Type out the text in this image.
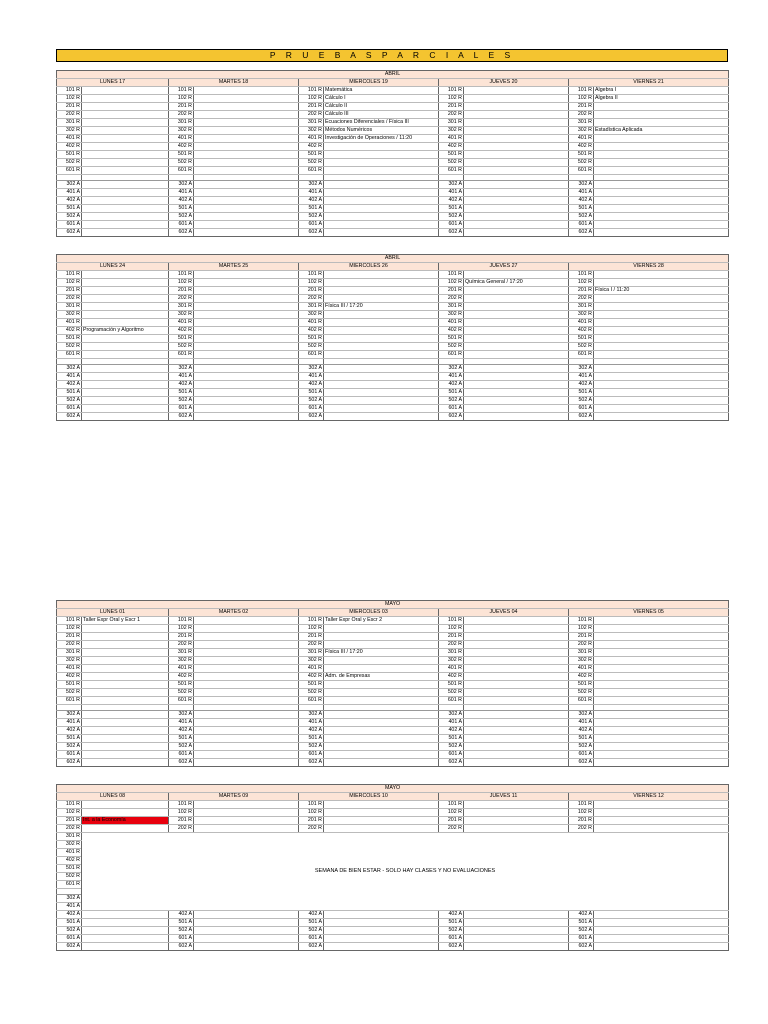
P R U E B A S P A R C I A L E S
ABRIL									
LUNES 17		MARTES 18		MIÉRCOLES 19		JUEVES 20		VIERNES 21	
101 R		101 R		101 R	Matemática	101 R		101 R	Álgebra I
102 R		102 R		102 R	Cálculo I	102 R		102 R	Álgebra II
201 R		201 R		201 R	Cálculo II	201 R		201 R	
202 R		202 R		202 R	Cálculo III	202 R		202 R	
301 R		301 R		301 R	Ecuaciones Diferenciales / Física III	301 R		301 R	
302 R		302 R		302 R	Métodos Numéricos	302 R		302 R	Estadística Aplicada
401 R		401 R		401 R	Investigación de Operaciones / 11:20	401 R		401 R	
402 R		402 R		402 R		402 R		402 R	
501 R		501 R		501 R		501 R		501 R	
502 R		502 R		502 R		502 R		502 R	
601 R		601 R		601 R		601 R		601 R	

302 A		302 A		302 A		302 A		302 A	
401 A		401 A		401 A		401 A		401 A	
402 A		402 A		402 A		402 A		402 A	
501 A		501 A		501 A		501 A		501 A	
502 A		502 A		502 A		502 A		502 A	
601 A		601 A		601 A		601 A		601 A	
602 A		602 A		602 A		602 A		602 A	
ABRIL									
LUNES 24		MARTES 25		MIÉRCOLES 26		JUEVES 27		VIERNES 28	
101 R		101 R		101 R		101 R		101 R	
102 R		102 R		102 R		102 R	Química General / 17:20	102 R	
201 R		201 R		201 R		201 R		201 R	Física I / 11:20
202 R		202 R		202 R		202 R		202 R	
301 R		301 R		301 R	Física III / 17:20	301 R		301 R	
302 R		302 R		302 R		302 R		302 R	
401 R		401 R		401 R		401 R		401 R	
402 R	Programación y Algoritmo	402 R		402 R		402 R		402 R	
501 R		501 R		501 R		501 R		501 R	
502 R		502 R		502 R		502 R		502 R	
601 R		601 R		601 R		601 R		601 R	

302 A		302 A		302 A		302 A		302 A	
401 A		401 A		401 A		401 A		401 A	
402 A		402 A		402 A		402 A		402 A	
501 A		501 A		501 A		501 A		501 A	
502 A		502 A		502 A		502 A		502 A	
601 A		601 A		601 A		601 A		601 A	
602 A		602 A		602 A		602 A		602 A	
MAYO									
LUNES 01		MARTES 02		MIÉRCOLES 03		JUEVES 04		VIERNES 05	
101 R	Taller Expr Oral y Escr 1	101 R		101 R	Taller Expr Oral y Escr 2	101 R		101 R	
102 R		102 R		102 R		102 R		102 R	
201 R		201 R		201 R		201 R		201 R	
202 R		202 R		202 R		202 R		202 R	
301 R		301 R		301 R	Física III / 17:20	301 R		301 R	
302 R		302 R		302 R		302 R		302 R	
401 R		401 R		401 R		401 R		401 R	
402 R		402 R		402 R	Adm. de Empresas	402 R		402 R	
501 R		501 R		501 R		501 R		501 R	
502 R		502 R		502 R		502 R		502 R	
601 R		601 R		601 R		601 R		601 R	

302 A		302 A		302 A		302 A		302 A	
401 A		401 A		401 A		401 A		401 A	
402 A		402 A		402 A		402 A		402 A	
501 A		501 A		501 A		501 A		501 A	
502 A		502 A		502 A		502 A		502 A	
601 A		601 A		601 A		601 A		601 A	
602 A		602 A		602 A		602 A		602 A	
MAYO									
LUNES 08		MARTES 09		MIÉRCOLES 10		JUEVES 11		VIERNES 12	
101 R		101 R		101 R		101 R		101 R	
102 R		102 R		102 R		102 R		102 R	
201 R	Int. a la Economía	201 R		201 R		201 R		201 R	
202 R		202 R		202 R		202 R		202 R	
301 R	SEMANA DE BIEN ESTAR - SOLO HAY CLASES Y NO EVALUACIONES								
302 R									
401 R									
402 R									
501 R									
502 R									
601 R									

302 A									
401 A									
402 A		402 A		402 A		402 A		402 A	
501 A		501 A		501 A		501 A		501 A	
502 A		502 A		502 A		502 A		502 A	
601 A		601 A		601 A		601 A		601 A	
602 A		602 A		602 A		602 A		602 A	
